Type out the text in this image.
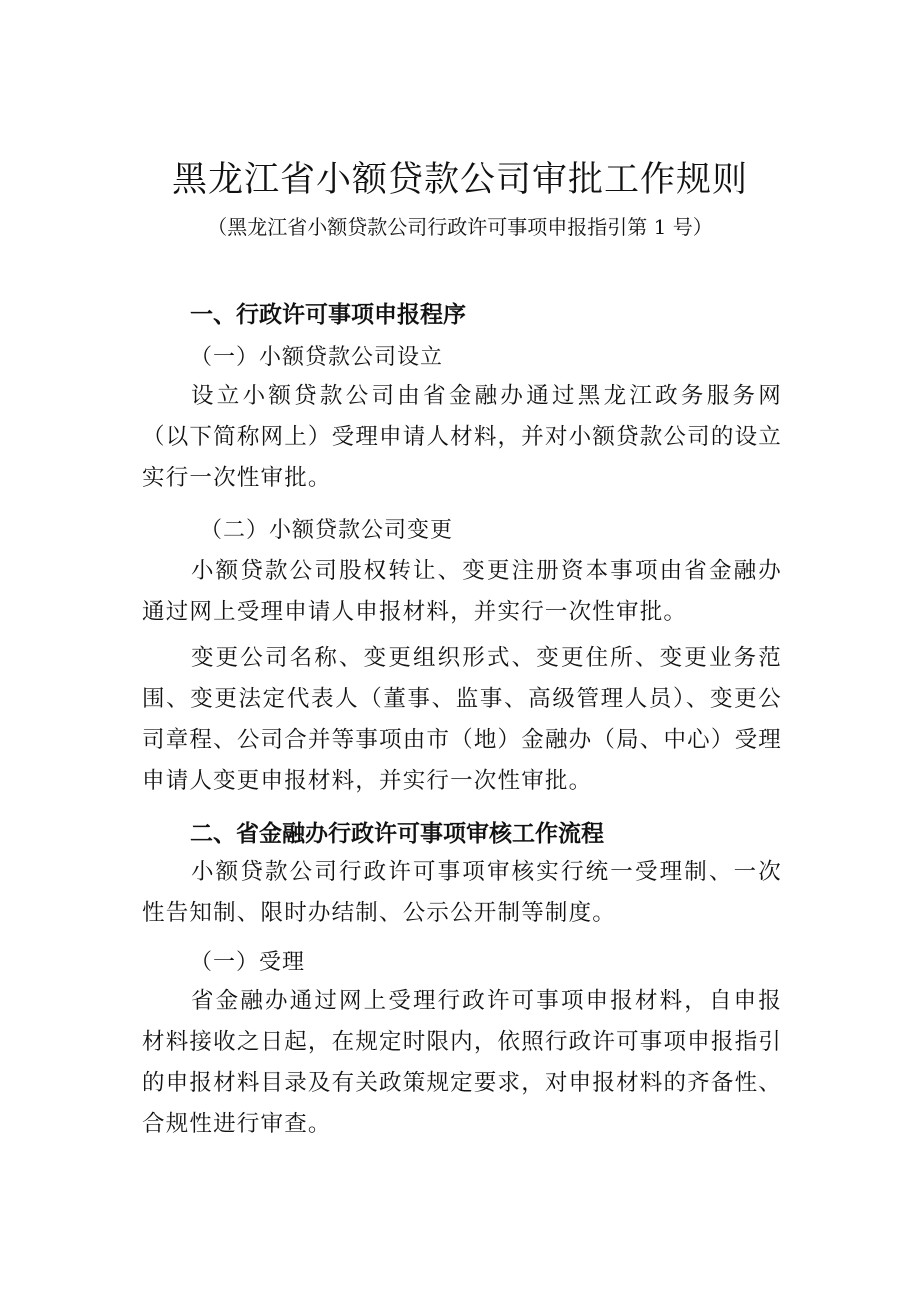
黑龙江省小额贷款公司审批工作规则
（黑龙江省小额贷款公司行政许可事项申报指引第 1 号）
一、行政许可事项申报程序
（一）小额贷款公司设立
设立小额贷款公司由省金融办通过黑龙江政务服务网（以下简称网上）受理申请人材料，并对小额贷款公司的设立实行一次性审批。
（二）小额贷款公司变更
小额贷款公司股权转让、变更注册资本事项由省金融办通过网上受理申请人申报材料，并实行一次性审批。
变更公司名称、变更组织形式、变更住所、变更业务范围、变更法定代表人（董事、监事、高级管理人员）、变更公司章程、公司合并等事项由市（地）金融办（局、中心）受理申请人变更申报材料，并实行一次性审批。
二、省金融办行政许可事项审核工作流程
小额贷款公司行政许可事项审核实行统一受理制、一次性告知制、限时办结制、公示公开制等制度。
（一）受理
省金融办通过网上受理行政许可事项申报材料，自申报材料接收之日起，在规定时限内，依照行政许可事项申报指引的申报材料目录及有关政策规定要求，对申报材料的齐备性、合规性进行审查。
